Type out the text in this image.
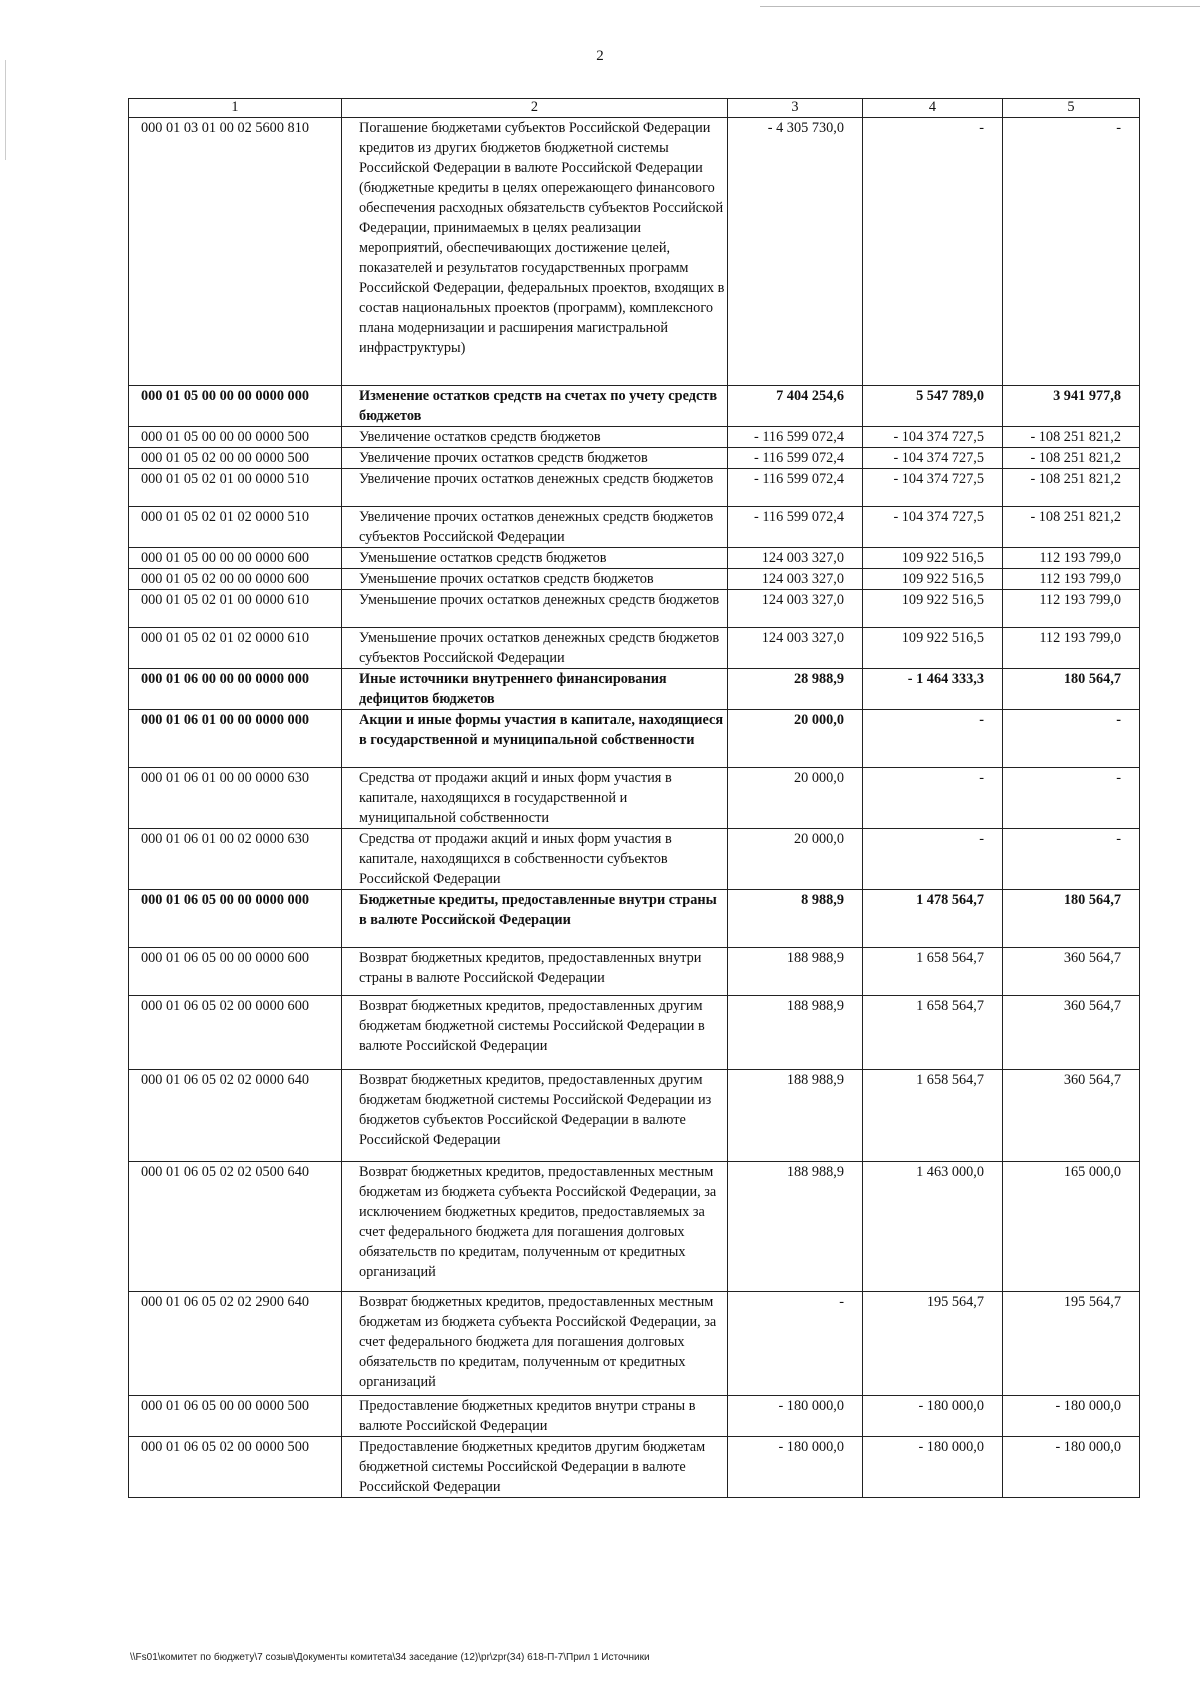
2
1	2	3	4	5
000 01 03 01 00 02 5600 810	Погашение бюджетами субъектов Российской Федерации кредитов из других бюджетов бюджетной системы Российской Федерации в валюте Российской Федерации (бюджетные кредиты в целях опережающего финансового обеспечения расходных обязательств субъектов Российской Федерации, принимаемых в целях реализации мероприятий, обеспечивающих достижение целей, показателей и результатов государственных программ Российской Федерации, федеральных проектов, входящих в состав национальных проектов (программ), комплексного плана модернизации и расширения магистральной инфраструктуры)	- 4 305 730,0	-	-
000 01 05 00 00 00 0000 000	Изменение остатков средств на счетах по учету средств бюджетов	7 404 254,6	5 547 789,0	3 941 977,8
000 01 05 00 00 00 0000 500	Увеличение остатков средств бюджетов	- 116 599 072,4	- 104 374 727,5	- 108 251 821,2
000 01 05 02 00 00 0000 500	Увеличение прочих остатков средств бюджетов	- 116 599 072,4	- 104 374 727,5	- 108 251 821,2
000 01 05 02 01 00 0000 510	Увеличение прочих остатков денежных средств бюджетов	- 116 599 072,4	- 104 374 727,5	- 108 251 821,2
000 01 05 02 01 02 0000 510	Увеличение прочих остатков денежных средств бюджетов субъектов Российской Федерации	- 116 599 072,4	- 104 374 727,5	- 108 251 821,2
000 01 05 00 00 00 0000 600	Уменьшение остатков средств бюджетов	124 003 327,0	109 922 516,5	112 193 799,0
000 01 05 02 00 00 0000 600	Уменьшение прочих остатков средств бюджетов	124 003 327,0	109 922 516,5	112 193 799,0
000 01 05 02 01 00 0000 610	Уменьшение прочих остатков денежных средств бюджетов	124 003 327,0	109 922 516,5	112 193 799,0
000 01 05 02 01 02 0000 610	Уменьшение прочих остатков денежных средств бюджетов субъектов Российской Федерации	124 003 327,0	109 922 516,5	112 193 799,0
000 01 06 00 00 00 0000 000	Иные источники внутреннего финансирования дефицитов бюджетов	28 988,9	- 1 464 333,3	180 564,7
000 01 06 01 00 00 0000 000	Акции и иные формы участия в капитале, находящиеся в государственной и муниципальной собственности	20 000,0	-	-
000 01 06 01 00 00 0000 630	Средства от продажи акций и иных форм участия в капитале, находящихся в государственной и муниципальной собственности	20 000,0	-	-
000 01 06 01 00 02 0000 630	Средства от продажи акций и иных форм участия в капитале, находящихся в собственности субъектов Российской Федерации	20 000,0	-	-
000 01 06 05 00 00 0000 000	Бюджетные кредиты, предоставленные внутри страны в валюте Российской Федерации	8 988,9	1 478 564,7	180 564,7
000 01 06 05 00 00 0000 600	Возврат бюджетных кредитов, предоставленных внутри страны в валюте Российской Федерации	188 988,9	1 658 564,7	360 564,7
000 01 06 05 02 00 0000 600	Возврат бюджетных кредитов, предоставленных другим бюджетам бюджетной системы Российской Федерации в валюте Российской Федерации	188 988,9	1 658 564,7	360 564,7
000 01 06 05 02 02 0000 640	Возврат бюджетных кредитов, предоставленных другим бюджетам бюджетной системы Российской Федерации из бюджетов субъектов Российской Федерации в валюте Российской Федерации	188 988,9	1 658 564,7	360 564,7
000 01 06 05 02 02 0500 640	Возврат бюджетных кредитов, предоставленных местным бюджетам из бюджета субъекта Российской Федерации, за исключением бюджетных кредитов, предоставляемых за счет федерального бюджета для погашения долговых обязательств по кредитам, полученным от кредитных организаций	188 988,9	1 463 000,0	165 000,0
000 01 06 05 02 02 2900 640	Возврат бюджетных кредитов, предоставленных местным бюджетам из бюджета субъекта Российской Федерации, за счет федерального бюджета для погашения долговых обязательств по кредитам, полученным от кредитных организаций	-	195 564,7	195 564,7
000 01 06 05 00 00 0000 500	Предоставление бюджетных кредитов внутри страны в валюте Российской Федерации	- 180 000,0	- 180 000,0	- 180 000,0
000 01 06 05 02 00 0000 500	Предоставление бюджетных кредитов другим бюджетам бюджетной системы Российской Федерации в валюте Российской Федерации	- 180 000,0	- 180 000,0	- 180 000,0
\\Fs01\комитет по бюджету\7 созыв\Документы комитета\34 заседание (12)\pr\zpr(34) 618-П-7\Прил 1 Источники
